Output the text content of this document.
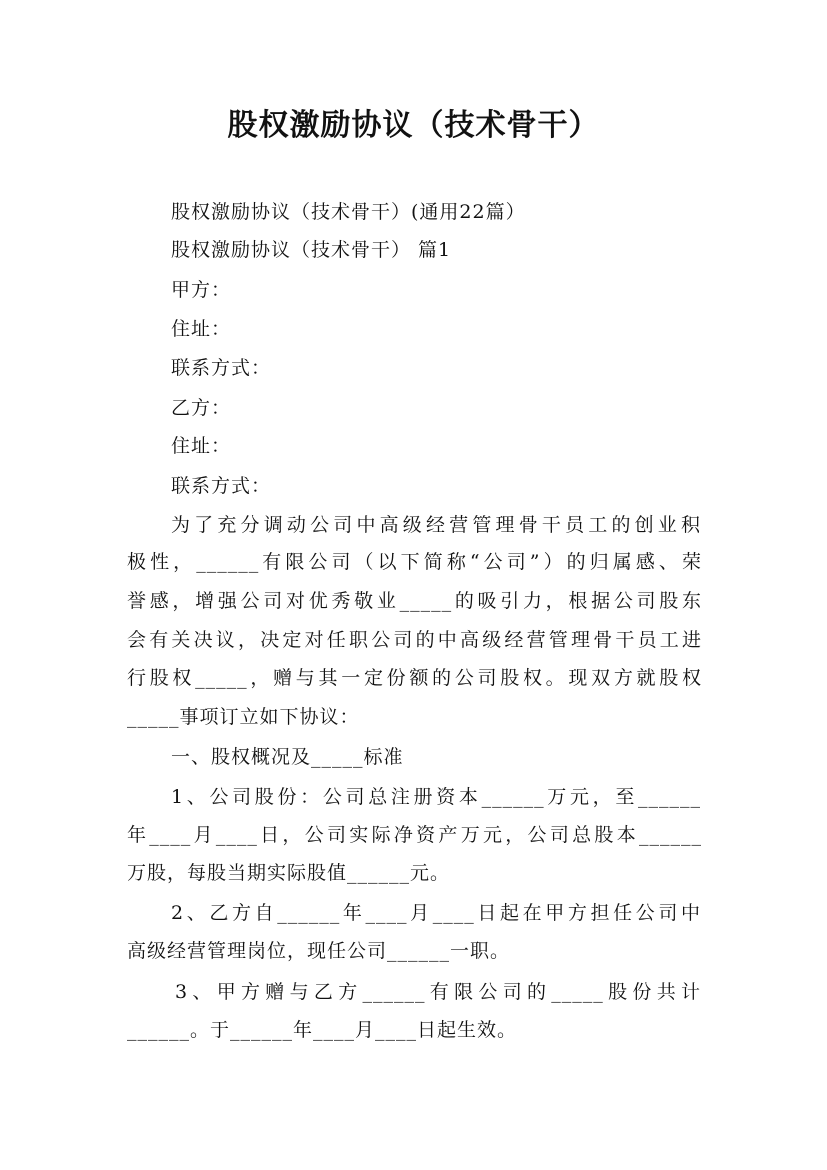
股权激励协议（技术骨干）
股权激励协议（技术骨干）(通用22篇）
股权激励协议（技术骨干） 篇1
甲方：
住址：
联系方式：
乙方：
住址：
联系方式：
为了充分调动公司中高级经营管理骨干员工的创业积
极性，______有限公司（以下简称“公司”）的归属感、荣
誉感，增强公司对优秀敬业_____的吸引力，根据公司股东
会有关决议，决定对任职公司的中高级经营管理骨干员工进
行股权_____，赠与其一定份额的公司股权。现双方就股权
_____事项订立如下协议：
一、股权概况及_____标准
1、公司股份：公司总注册资本______万元，至______
年____月____日，公司实际净资产万元，公司总股本______
万股，每股当期实际股值______元。
2、乙方自______年____月____日起在甲方担任公司中
高级经营管理岗位，现任公司______一职。
3、甲方赠与乙方______有限公司的_____股份共计
______。于______年____月____日起生效。
